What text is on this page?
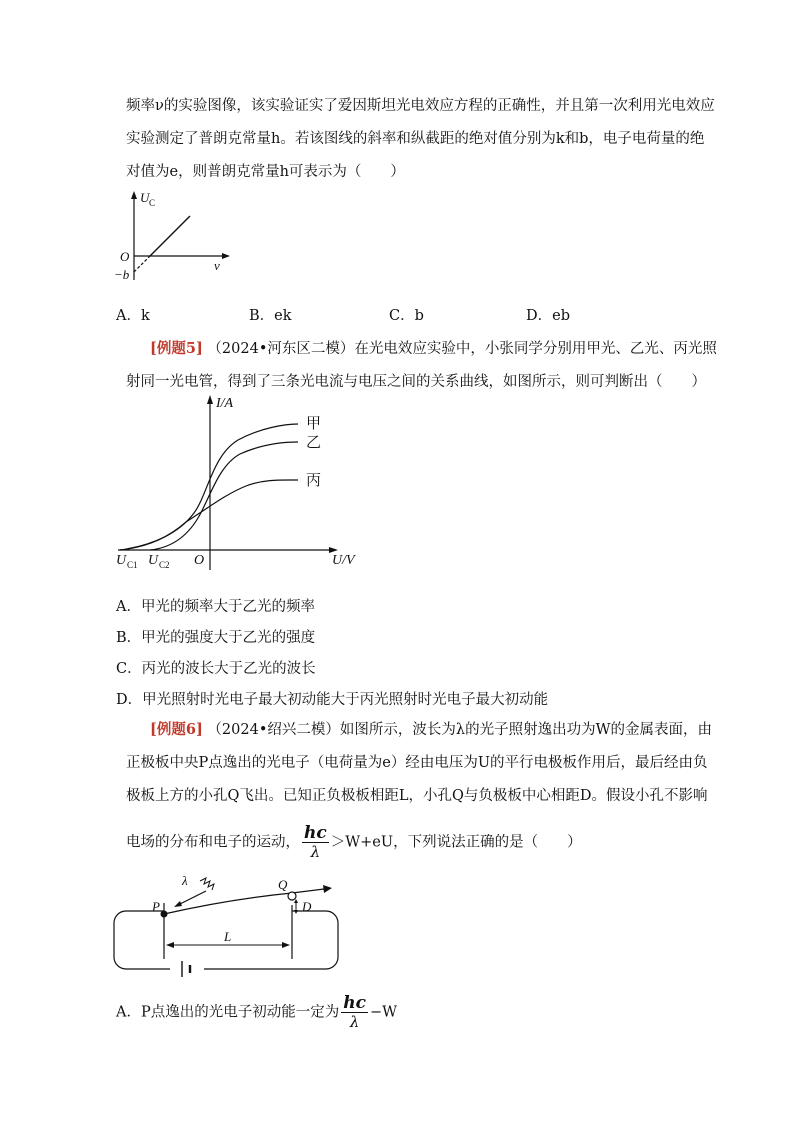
频率ν的实验图像，该实验证实了爱因斯坦光电效应方程的正确性，并且第一次利用光电效应
实验测定了普朗克常量h。若该图线的斜率和纵截距的绝对值分别为k和b，电子电荷量的绝
对值为e，则普朗克常量h可表示为（　　）
U C
O
ν
−b
A．k	B．ek	C．b	D．eb
[例题5] （2024•河东区二模）在光电效应实验中，小张同学分别用甲光、乙光、丙光照
射同一光电管，得到了三条光电流与电压之间的关系曲线，如图所示，则可判断出（　　）
I/A
U/V
O
U C1 U C2
甲
乙
丙
A．甲光的频率大于乙光的频率
B．甲光的强度大于乙光的强度
C．丙光的波长大于乙光的波长
D．甲光照射时光电子最大初动能大于丙光照射时光电子最大初动能
[例题6] （2024•绍兴二模）如图所示，波长为λ的光子照射逸出功为W的金属表面，由
正极板中央P点逸出的光电子（电荷量为e）经由电压为U的平行电极板作用后，最后经由负
极板上方的小孔Q飞出。已知正负极板相距L，小孔Q与负极板中心相距D。假设小孔不影响
电场的分布和电子的运动， $\frac{hc}{\lambda} >W+eU$，下列说法正确的是（　　）
λ
P
Q
D
L
A．P点逸出的光电子初动能一定为 $\frac{hc}{\lambda} -W$
